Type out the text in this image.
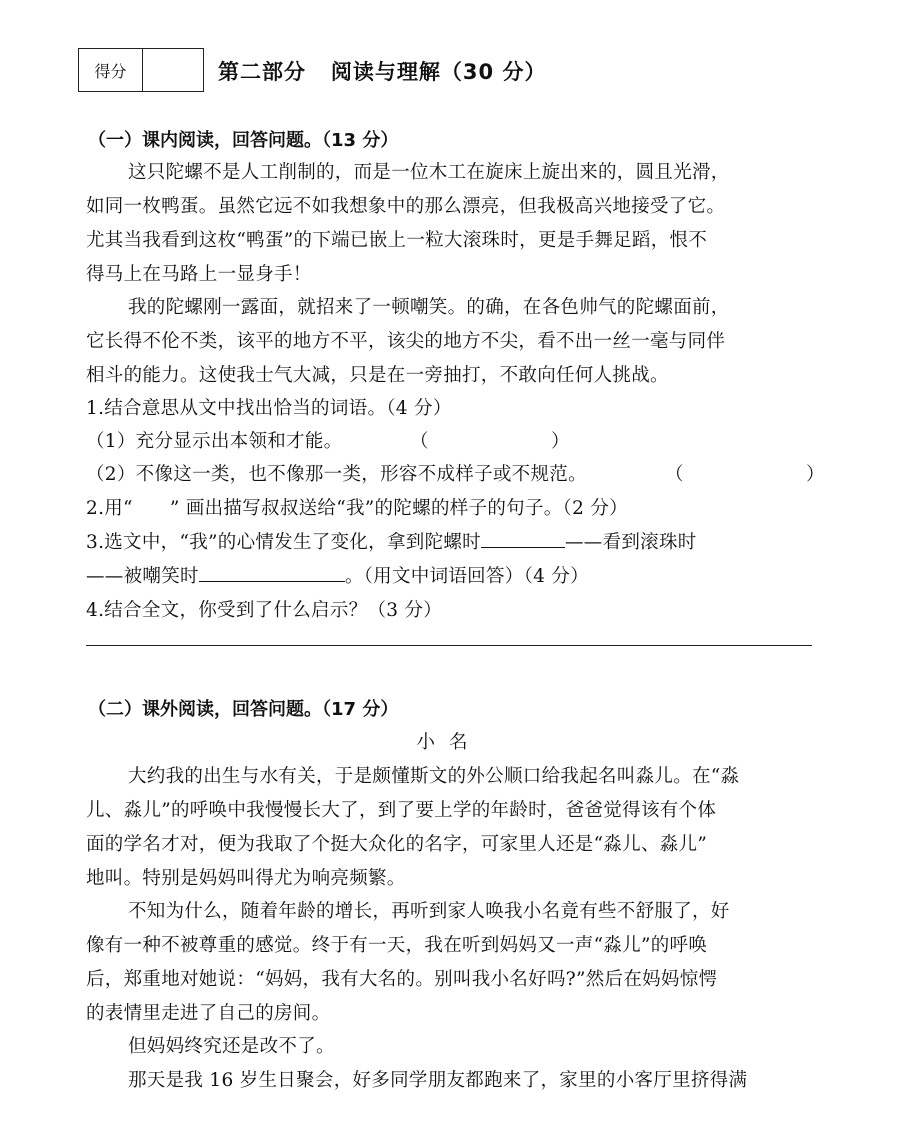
得分	第二部分   阅读与理解（30 分）
（一）课内阅读，回答问题。（13 分）
这只陀螺不是人工削制的，而是一位木工在旋床上旋出来的，圆且光滑，
如同一枚鸭蛋。虽然它远不如我想象中的那么漂亮，但我极高兴地接受了它。
尤其当我看到这枚“鸭蛋”的下端已嵌上一粒大滚珠时，更是手舞足蹈，恨不
得马上在马路上一显身手！
我的陀螺刚一露面，就招来了一顿嘲笑。的确，在各色帅气的陀螺面前，
它长得不伦不类，该平的地方不平，该尖的地方不尖，看不出一丝一毫与同伴
相斗的能力。这使我士气大减，只是在一旁抽打，不敢向任何人挑战。
1.结合意思从文中找出恰当的词语。（4 分）
（1）充分显示出本领和才能。	（	）
（2）不像这一类，也不像那一类，形容不成样子或不规范。	（	）
2.用“      ” 画出描写叔叔送给“我”的陀螺的样子的句子。（2 分）
3.选文中，“我”的心情发生了变化，拿到陀螺时	——看到滚珠时
——被嘲笑时	。（用文中词语回答）（4 分）
4.结合全文，你受到了什么启示？（3 分）
（二）课外阅读，回答问题。（17 分）
小名
大约我的出生与水有关，于是颇懂斯文的外公顺口给我起名叫淼儿。在“淼
儿、淼儿”的呼唤中我慢慢长大了，到了要上学的年龄时，爸爸觉得该有个体
面的学名才对，便为我取了个挺大众化的名字，可家里人还是“淼儿、淼儿”
地叫。特别是妈妈叫得尤为响亮频繁。
不知为什么，随着年龄的增长，再听到家人唤我小名竟有些不舒服了，好
像有一种不被尊重的感觉。终于有一天，我在听到妈妈又一声“淼儿”的呼唤
后，郑重地对她说：“妈妈，我有大名的。别叫我小名好吗?”然后在妈妈惊愕
的表情里走进了自己的房间。
但妈妈终究还是改不了。
那天是我 16 岁生日聚会，好多同学朋友都跑来了，家里的小客厅里挤得满
